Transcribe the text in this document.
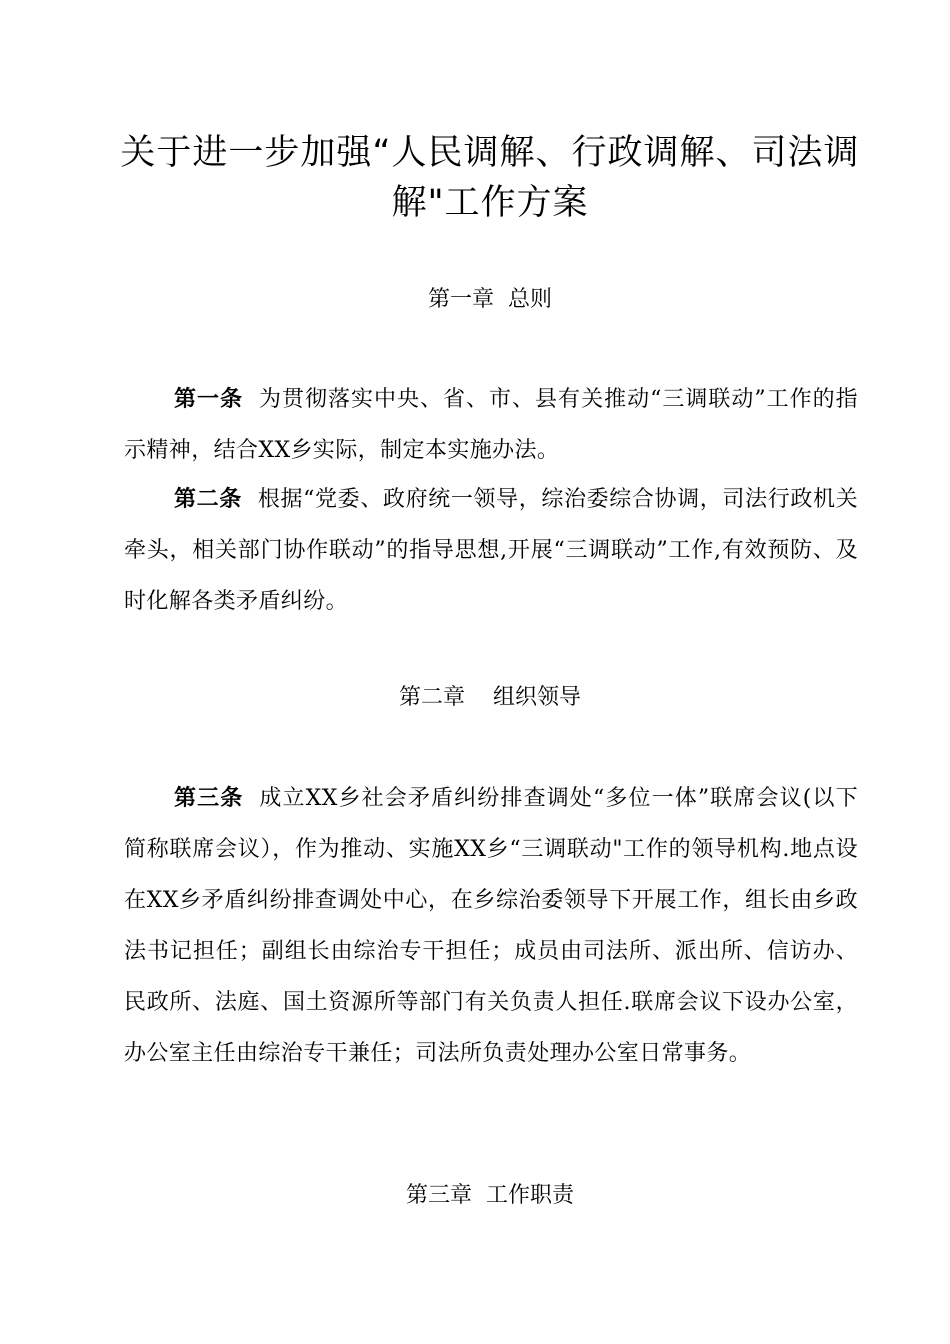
关于进一步加强“人民调解、行政调解、司法调解"工作方案
第一章  总则

第一条 为贯彻落实中央、省、市、县有关推动“三调联动”工作的指示精神，结合XX乡实际，制定本实施办法。

第二条 根据“党委、政府统一领导，综治委综合协调，司法行政机关牵头，相关部门协作联动”的指导思想,开展“三调联动”工作,有效预防、及时化解各类矛盾纠纷。

第二章    组织领导

第三条 成立XX乡社会矛盾纠纷排查调处“多位一体”联席会议(以下简称联席会议），作为推动、实施XX乡“三调联动"工作的领导机构.地点设在XX乡矛盾纠纷排查调处中心，在乡综治委领导下开展工作，组长由乡政法书记担任；副组长由综治专干担任；成员由司法所、派出所、信访办、民政所、法庭、国土资源所等部门有关负责人担任.联席会议下设办公室，办公室主任由综治专干兼任；司法所负责处理办公室日常事务。

第三章  工作职责
